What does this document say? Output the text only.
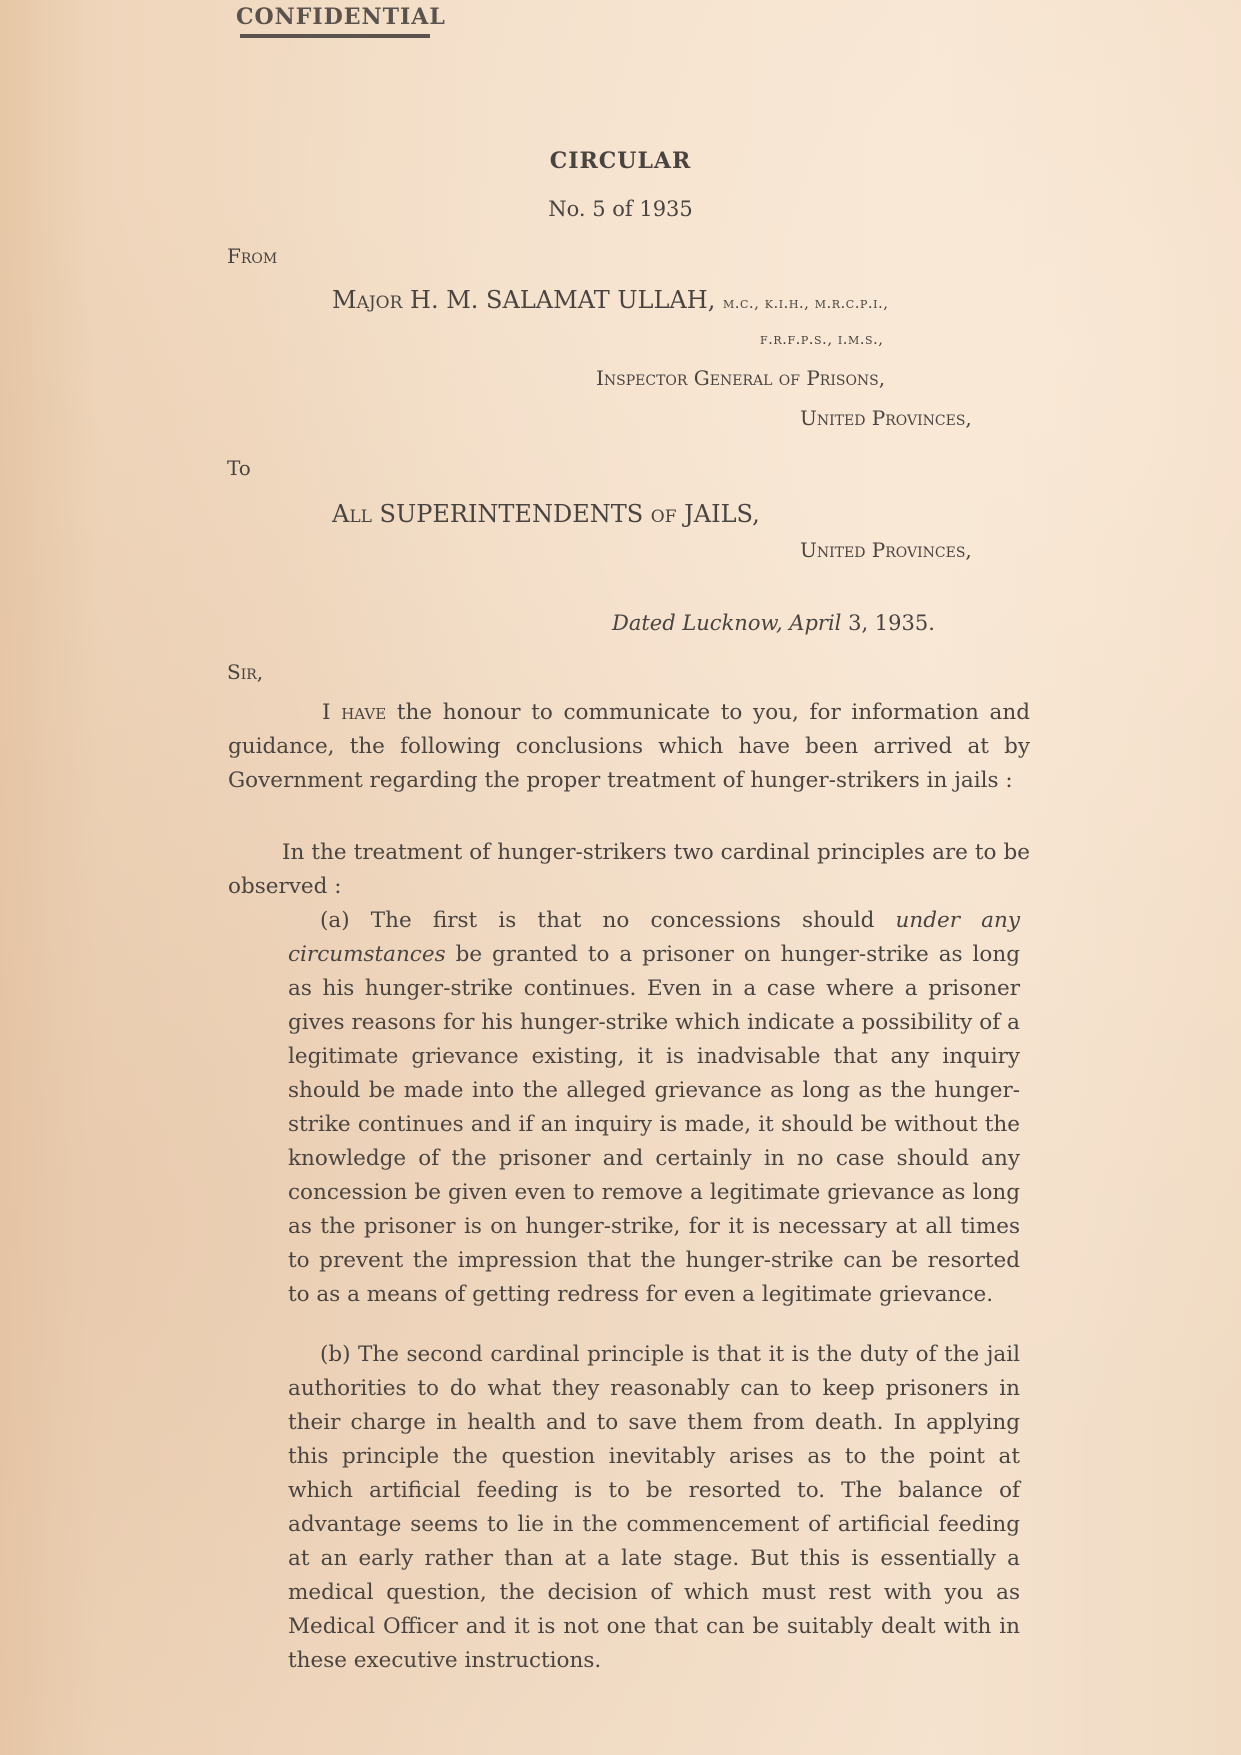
CONFIDENTIAL
CIRCULAR
No. 5 of 1935
From
Major H. M. SALAMAT ULLAH, m.c., k.i.h., m.r.c.p.i.,
f.r.f.p.s., i.m.s.,
Inspector General of Prisons,
United Provinces,
To
All SUPERINTENDENTS of JAILS,
United Provinces,
Dated Lucknow, April 3, 1935.
Sir,
I have the honour to communicate to you, for information and guidance, the following conclusions which have been arrived at by Government regarding the proper treatment of hunger-strikers in jails :
In the treatment of hunger-strikers two cardinal principles are to be observed :
(a) The first is that no concessions should under any circumstances be granted to a prisoner on hunger-strike as long as his hunger-strike continues. Even in a case where a prisoner gives reasons for his hunger-strike which indicate a possibility of a legitimate grievance existing, it is inadvisable that any inquiry should be made into the alleged grievance as long as the hunger-strike continues and if an inquiry is made, it should be without the knowledge of the prisoner and certainly in no case should any concession be given even to remove a legitimate grievance as long as the prisoner is on hunger-strike, for it is necessary at all times to prevent the impression that the hunger-strike can be resorted to as a means of getting redress for even a legitimate grievance.
(b) The second cardinal principle is that it is the duty of the jail authorities to do what they reasonably can to keep prisoners in their charge in health and to save them from death. In applying this principle the question inevitably arises as to the point at which artificial feeding is to be resorted to. The balance of advantage seems to lie in the commencement of artificial feeding at an early rather than at a late stage. But this is essentially a medical question, the decision of which must rest with you as Medical Officer and it is not one that can be suitably dealt with in these executive instructions.
